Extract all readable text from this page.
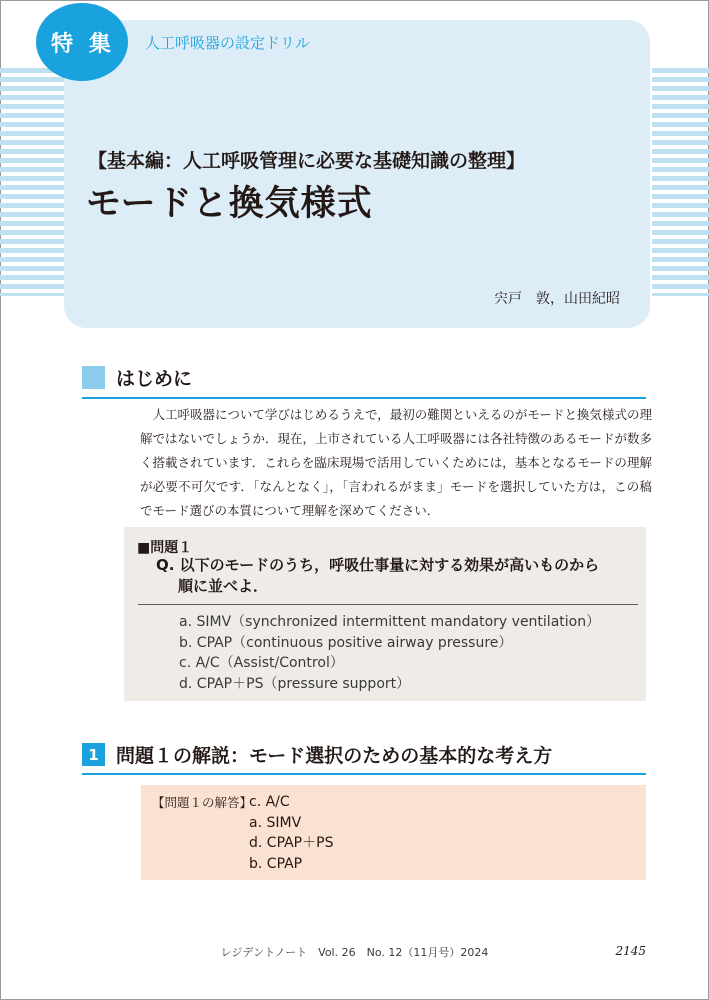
特 集	人工呼吸器の設定ドリル
【基本編：人工呼吸管理に必要な基礎知識の整理】
モードと換気様式
宍戸　敦，山田紀昭
はじめに

人工呼吸器について学びはじめるうえで，最初の難関といえるのがモードと換気様式の理解ではないでしょうか．現在，上市されている人工呼吸器には各社特徴のあるモードが数多く搭載されています．これらを臨床現場で活用していくためには，基本となるモードの理解が必要不可欠です．「なんとなく」，「言われるがまま」モードを選択していた方は，この稿でモード選びの本質について理解を深めてください．

■問題１
Q. 以下のモードのうち，呼吸仕事量に対する効果が高いものから
順に並べよ．
a. SIMV（synchronized intermittent mandatory ventilation）
b. CPAP（continuous positive airway pressure）
c. A/C（Assist/Control）
d. CPAP＋PS（pressure support）
1 問題１の解説：モード選択のための基本的な考え方
【問題１の解答】
c. A/C
a. SIMV
d. CPAP＋PS
b. CPAP
レジデントノート　Vol. 26　No. 12（11月号）2024	2145
